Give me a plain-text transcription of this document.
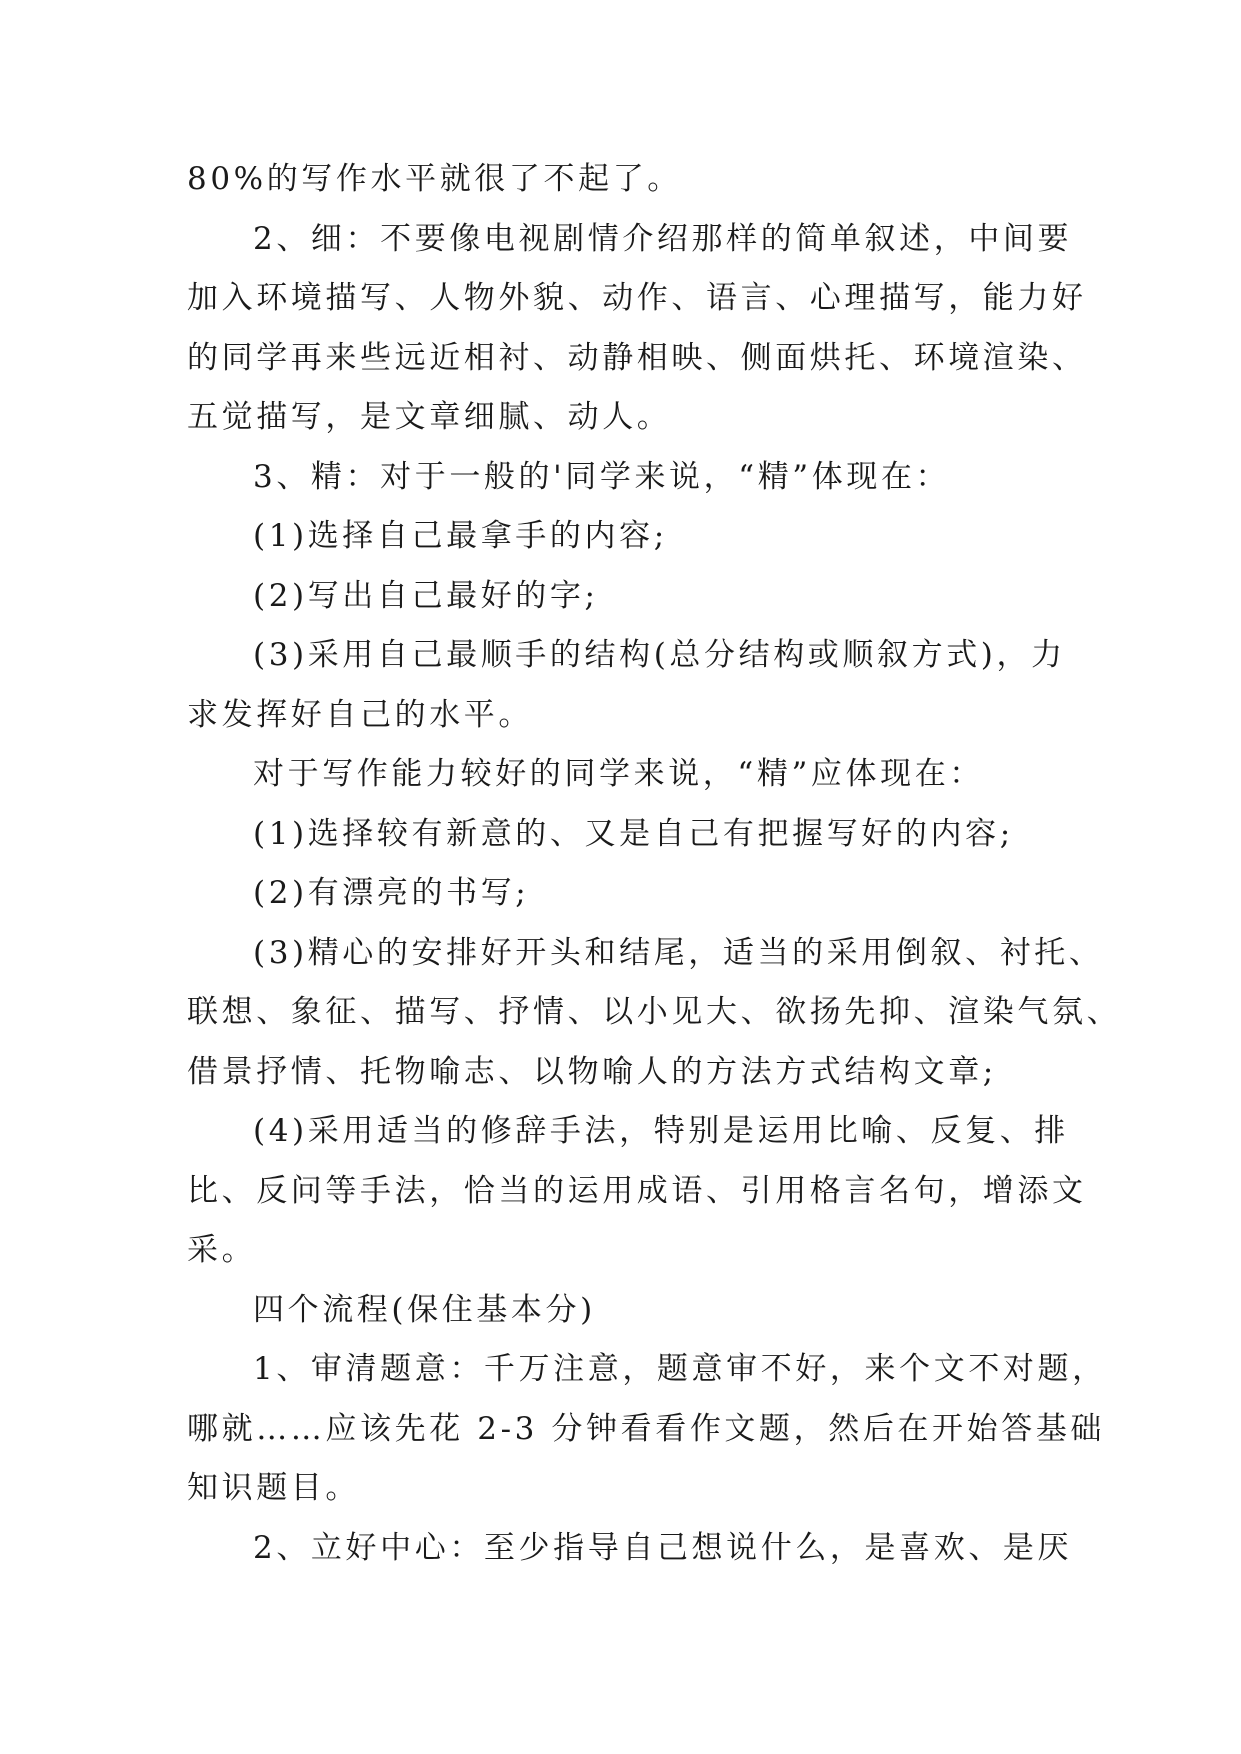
80%的写作水平就很了不起了。
2、细：不要像电视剧情介绍那样的简单叙述，中间要
加入环境描写、人物外貌、动作、语言、心理描写，能力好
的同学再来些远近相衬、动静相映、侧面烘托、环境渲染、
五觉描写，是文章细腻、动人。
3、精：对于一般的'同学来说，“精”体现在：
(1)选择自己最拿手的内容;
(2)写出自己最好的字;
(3)采用自己最顺手的结构(总分结构或顺叙方式)，力
求发挥好自己的水平。
对于写作能力较好的同学来说，“精”应体现在：
(1)选择较有新意的、又是自己有把握写好的内容;
(2)有漂亮的书写;
(3)精心的安排好开头和结尾，适当的采用倒叙、衬托、
联想、象征、描写、抒情、以小见大、欲扬先抑、渲染气氛、
借景抒情、托物喻志、以物喻人的方法方式结构文章;
(4)采用适当的修辞手法，特别是运用比喻、反复、排
比、反问等手法，恰当的运用成语、引用格言名句，增添文
采。
四个流程(保住基本分)
1、审清题意：千万注意，题意审不好，来个文不对题，
哪就……应该先花 2-3 分钟看看作文题，然后在开始答基础
知识题目。
2、立好中心：至少指导自己想说什么，是喜欢、是厌
